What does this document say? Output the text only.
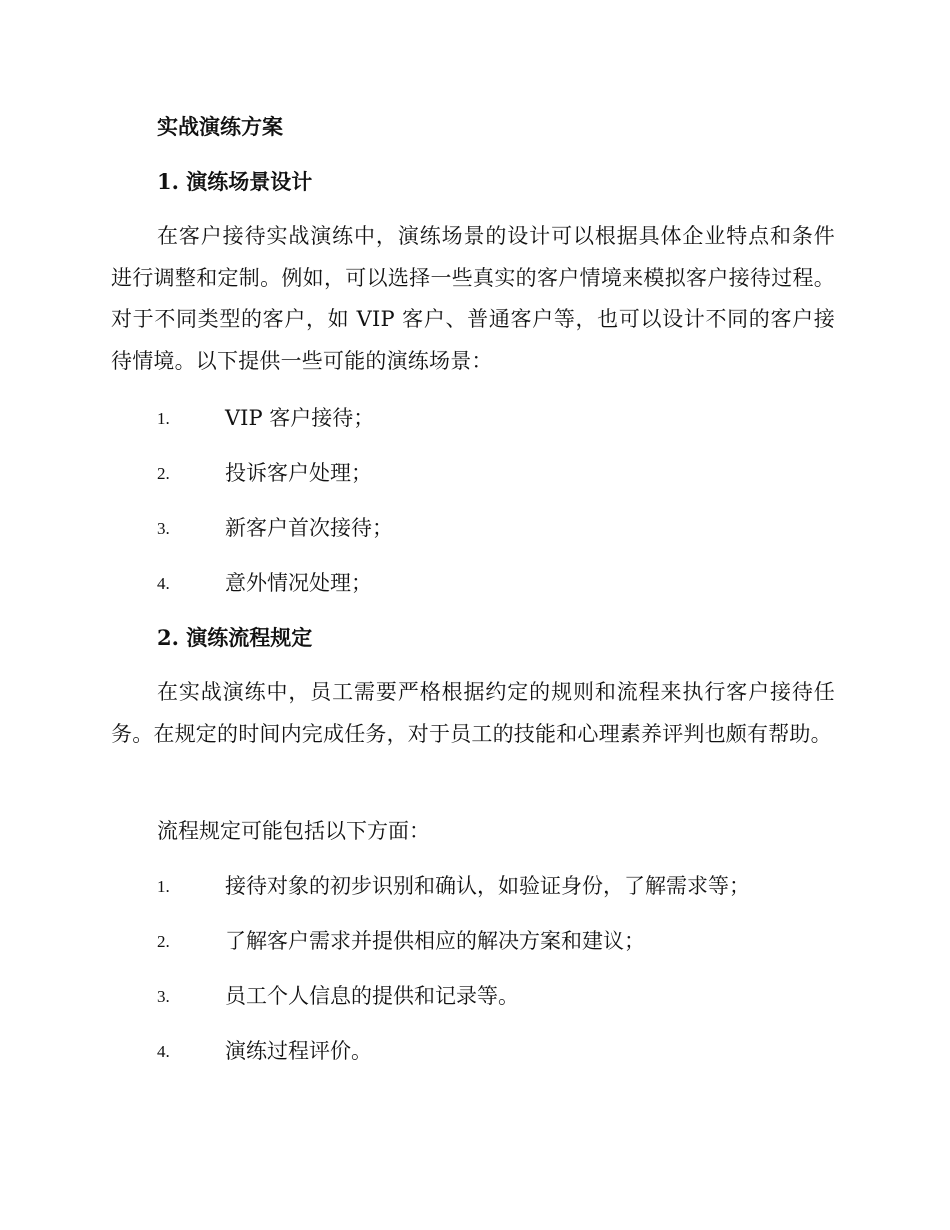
实战演练方案
1. 演练场景设计
在客户接待实战演练中，演练场景的设计可以根据具体企业特点和条件进行调整和定制。例如，可以选择一些真实的客户情境来模拟客户接待过程。对于不同类型的客户，如 VIP 客户、普通客户等，也可以设计不同的客户接待情境。以下提供一些可能的演练场景：
1.	VIP 客户接待；
2.	投诉客户处理；
3.	新客户首次接待；
4.	意外情况处理；
2. 演练流程规定
在实战演练中，员工需要严格根据约定的规则和流程来执行客户接待任务。在规定的时间内完成任务，对于员工的技能和心理素养评判也颇有帮助。
流程规定可能包括以下方面：
1.	接待对象的初步识别和确认，如验证身份，了解需求等；
2.	了解客户需求并提供相应的解决方案和建议；
3.	员工个人信息的提供和记录等。
4.	演练过程评价。
